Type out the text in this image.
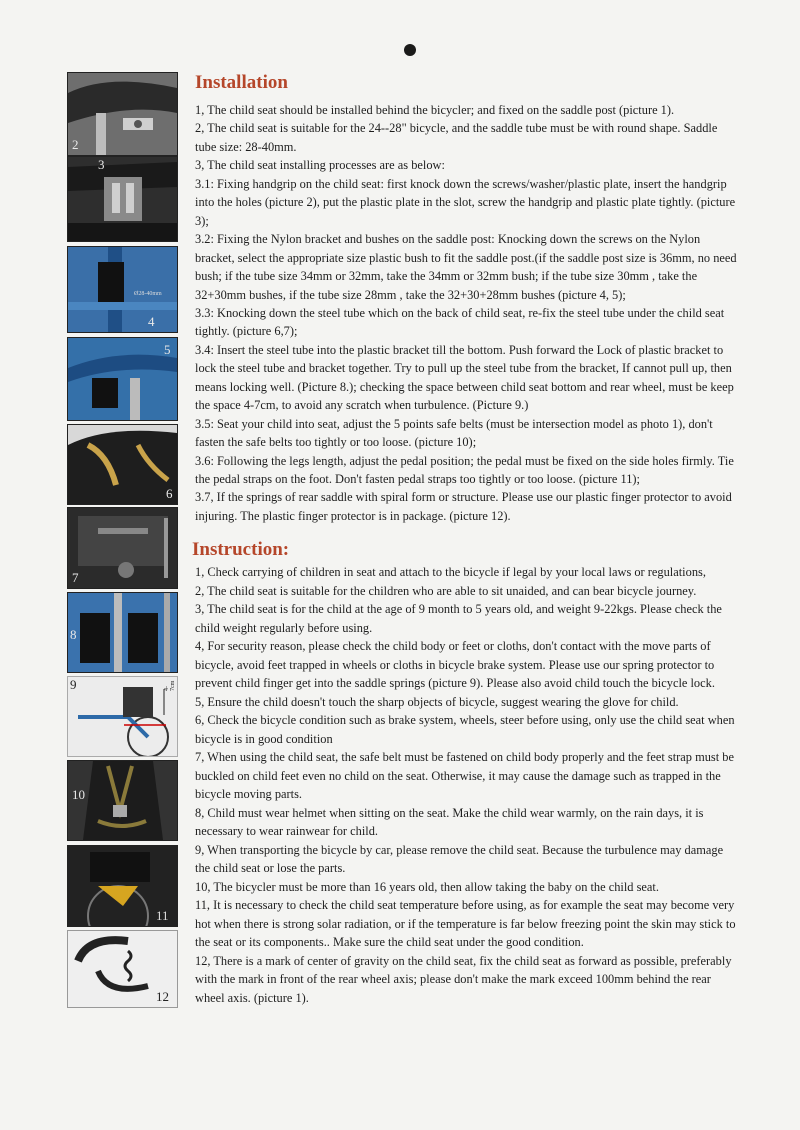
2
3
Ø28-40mm
4
5
6
7
8
9	4-7cm
10
11
12
Installation

1, The child seat should be installed behind the bicycler; and fixed on the saddle post (picture 1).

2, The child seat is suitable for the 24--28" bicycle, and the saddle tube must be with round shape. Saddle

tube size: 28-40mm.

3, The child seat installing processes are as below:

3.1: Fixing handgrip on the child seat: first knock down the screws/washer/plastic plate, insert the handgrip

into the holes (picture 2), put the plastic plate in the slot, screw the handgrip and plastic plate tightly. (picture

3);

3.2: Fixing the Nylon bracket and bushes on the saddle post: Knocking down the screws on the Nylon

bracket, select the appropriate size plastic bush to fit the saddle post.(if the saddle post size is 36mm, no need

bush; if the tube size 34mm or 32mm, take the 34mm or 32mm bush; if the tube size 30mm , take the

32+30mm bushes, if the tube size 28mm , take the 32+30+28mm bushes (picture 4, 5);

3.3: Knocking down the steel tube which on the back of child seat, re-fix the steel tube under the child seat

tightly. (picture 6,7);

3.4: Insert the steel tube into the plastic bracket till the bottom. Push forward the Lock of plastic bracket to

lock the steel tube and bracket together. Try to pull up the steel tube from the bracket, If cannot pull up, then

means locking well. (Picture 8.); checking the space between child seat bottom and rear wheel, must be keep

the space 4-7cm, to avoid any scratch when turbulence. (Picture 9.)

3.5: Seat your child into seat, adjust the 5 points safe belts (must be intersection model as photo 1), don't

fasten the safe belts too tightly or too loose. (picture 10);

3.6: Following the legs length, adjust the pedal position; the pedal must be fixed on the side holes firmly. Tie

the pedal straps on the foot. Don't fasten pedal straps too tightly or too loose. (picture 11);

3.7, If the springs of rear saddle with spiral form or structure. Please use our plastic finger protector to avoid

injuring. The plastic finger protector is in package. (picture 12).

Instruction:

1, Check carrying of children in seat and attach to the bicycle if legal by your local laws or regulations,

2, The child seat is suitable for the children who are able to sit unaided, and can bear bicycle journey.

3, The child seat is for the child at the age of 9 month to 5 years old, and weight 9-22kgs. Please check the

child weight regularly before using.

4, For security reason, please check the child body or feet or cloths, don't contact with the move parts of

bicycle, avoid feet trapped in wheels or cloths in bicycle brake system. Please use our spring protector to

prevent child finger get into the saddle springs (picture 9). Please also avoid child touch the bicycle lock.

5, Ensure the child doesn't touch the sharp objects of bicycle, suggest wearing the glove for child.

6, Check the bicycle condition such as brake system, wheels, steer before using, only use the child seat when

bicycle is in good condition

7, When using the child seat, the safe belt must be fastened on child body properly and the feet strap must be

buckled on child feet even no child on the seat. Otherwise, it may cause the damage such as trapped in the

bicycle moving parts.

8, Child must wear helmet when sitting on the seat. Make the child wear warmly, on the rain days, it is

necessary to wear rainwear for child.

9, When transporting the bicycle by car, please remove the child seat. Because the turbulence may damage

the child seat or lose the parts.

10, The bicycler must be more than 16 years old, then allow taking the baby on the child seat.

11, It is necessary to check the child seat temperature before using, as for example the seat may become very

hot when there is strong solar radiation, or if the temperature is far below freezing point the skin may stick to

the seat or its components.. Make sure the child seat under the good condition.

12, There is a mark of center of gravity on the child seat, fix the child seat as forward as possible, preferably

with the mark in front of the rear wheel axis; please don't make the mark exceed 100mm behind the rear

wheel axis. (picture 1).
